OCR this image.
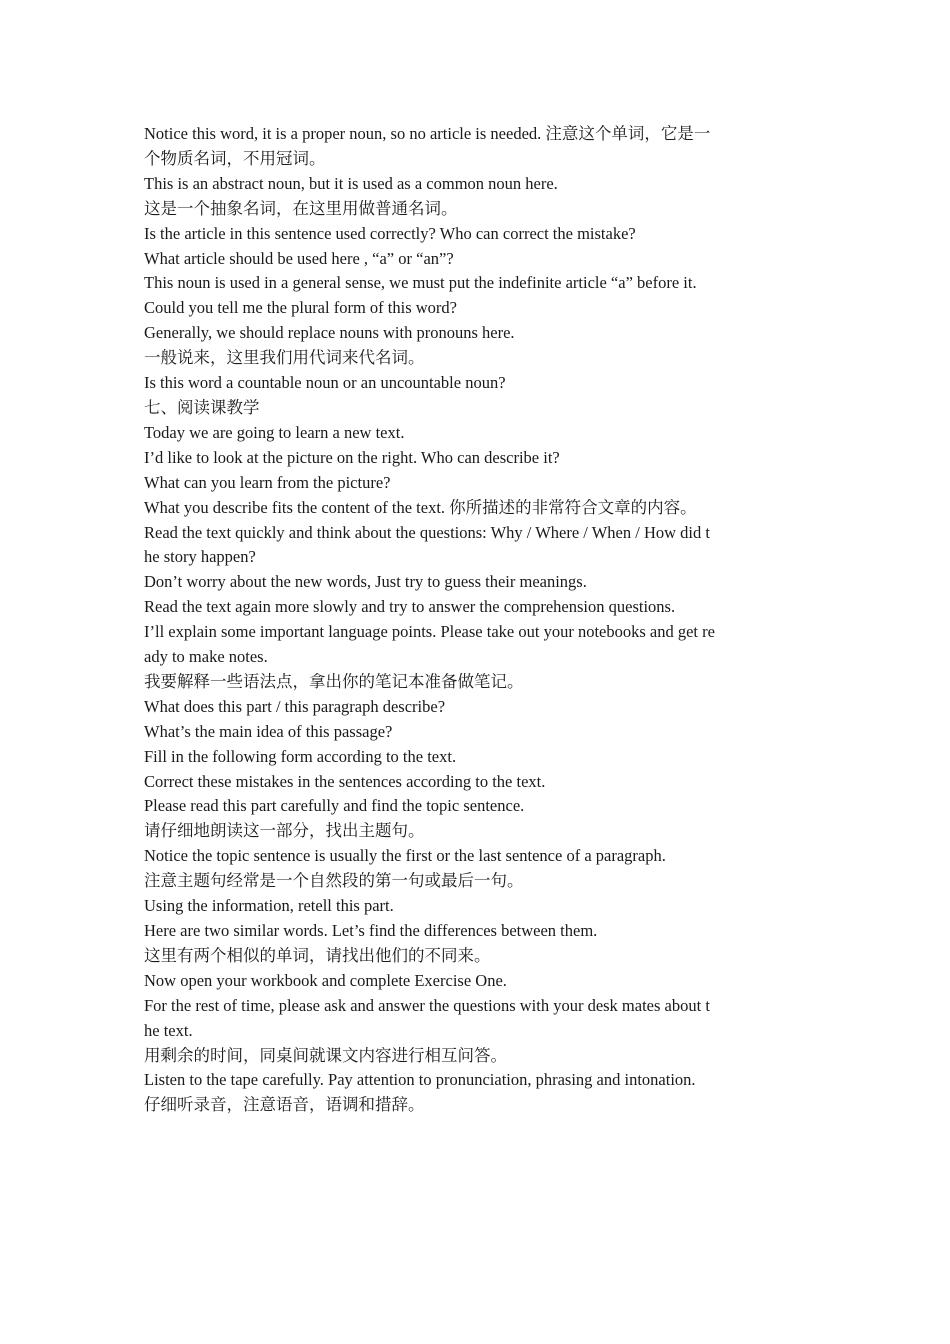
Notice this word, it is a proper noun, so no article is needed. 注意这个单词，它是一
个物质名词，不用冠词。
This is an abstract noun, but it is used as a common noun here.
这是一个抽象名词，在这里用做普通名词。
Is the article in this sentence used correctly? Who can correct the mistake?
What article should be used here , “a” or “an”?
This noun is used in a general sense, we must put the indefinite article “a” before it.
Could you tell me the plural form of this word?
Generally, we should replace nouns with pronouns here.
一般说来，这里我们用代词来代名词。
Is this word a countable noun or an uncountable noun?
七、阅读课教学
Today we are going to learn a new text.
I’d like to look at the picture on the right. Who can describe it?
What can you learn from the picture?
What you describe fits the content of the text. 你所描述的非常符合文章的内容。
Read the text quickly and think about the questions: Why / Where / When / How did t
he story happen?
Don’t worry about the new words, Just try to guess their meanings.
Read the text again more slowly and try to answer the comprehension questions.
I’ll explain some important language points. Please take out your notebooks and get re
ady to make notes.
我要解释一些语法点，拿出你的笔记本准备做笔记。
What does this part / this paragraph describe?
What’s the main idea of this passage?
Fill in the following form according to the text.
Correct these mistakes in the sentences according to the text.
Please read this part carefully and find the topic sentence.
请仔细地朗读这一部分，找出主题句。
Notice the topic sentence is usually the first or the last sentence of a paragraph.
注意主题句经常是一个自然段的第一句或最后一句。
Using the information, retell this part.
Here are two similar words. Let’s find the differences between them.
这里有两个相似的单词，请找出他们的不同来。
Now open your workbook and complete Exercise One.
For the rest of time, please ask and answer the questions with your desk mates about t
he text.
用剩余的时间，同桌间就课文内容进行相互问答。
Listen to the tape carefully. Pay attention to pronunciation, phrasing and intonation.
仔细听录音，注意语音，语调和措辞。
